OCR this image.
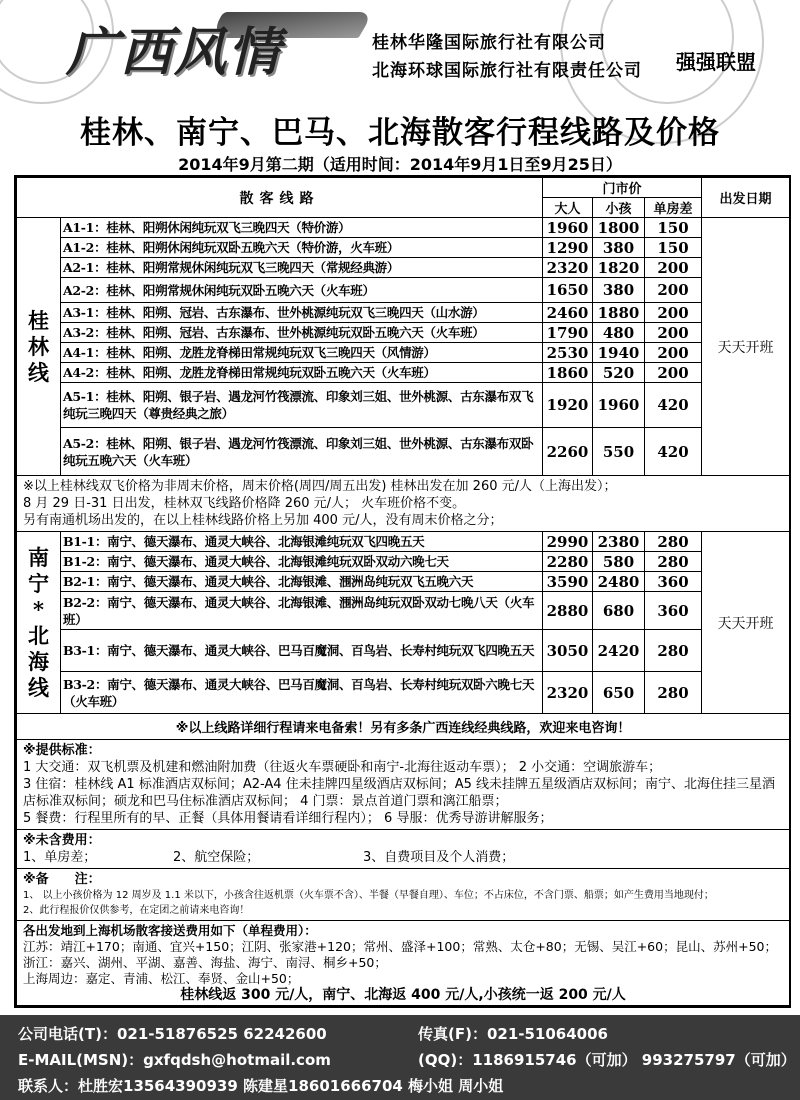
广西风情	桂林华隆国际旅行社有限公司
北海环球国际旅行社有限责任公司 强强联盟
桂林、南宁、巴马、北海散客行程线路及价格
2014年9月第二期（适用时间：2014年9月1日至9月25日）
散客线路		门市价			出发日期
		大人	小孩	单房差	

桂林线	A1-1：桂林、阳朔休闲纯玩双飞三晚四天（特价游）	1960	1800	150	天天开班
	A1-2：桂林、阳朔休闲纯玩双卧五晚六天（特价游，火车班）	1290	380	150	
	A2-1：桂林、阳朔常规休闲纯玩双飞三晚四天（常规经典游）	2320	1820	200	
	A2-2：桂林、阳朔常规休闲纯玩双卧五晚六天（火车班）	1650	380	200	
	A3-1：桂林、阳朔、冠岩、古东瀑布、世外桃源纯玩双飞三晚四天（山水游）	2460	1880	200	
	A3-2：桂林、阳朔、冠岩、古东瀑布、世外桃源纯玩双卧五晚六天（火车班）	1790	480	200	
	A4-1：桂林、阳朔、龙胜龙脊梯田常规纯玩双飞三晚四天（风情游）	2530	1940	200	
	A4-2：桂林、阳朔、龙胜龙脊梯田常规纯玩双卧五晚六天（火车班）	1860	520	200	
	A5-1：桂林、阳朔、银子岩、遇龙河竹筏漂流、印象刘三姐、世外桃源、古东瀑布双飞纯玩三晚四天（尊贵经典之旅）	1920	1960	420	
	A5-2：桂林、阳朔、银子岩、遇龙河竹筏漂流、印象刘三姐、世外桃源、古东瀑布双卧纯玩五晚六天（火车班）	2260	550	420	

※以上桂林线双飞价格为非周末价格，周末价格(周四/周五出发) 桂林出发在加 260 元/人（上海出发）；
8 月 29 日-31 日出发，桂林双飞线路价格降 260 元/人； 火车班价格不变。
另有南通机场出发的，在以上桂林线路价格上另加 400 元/人，没有周末价格之分；					

南宁*北海线	B1-1：南宁、德天瀑布、通灵大峡谷、北海银滩纯玩双飞四晚五天	2990	2380	280	天天开班
	B1-2：南宁、德天瀑布、通灵大峡谷、北海银滩纯玩双卧双动六晚七天	2280	580	280	
	B2-1：南宁、德天瀑布、通灵大峡谷、北海银滩、涠洲岛纯玩双飞五晚六天	3590	2480	360	
	B2-2：南宁、德天瀑布、通灵大峡谷、北海银滩、涠洲岛纯玩双卧双动七晚八天（火车班）	2880	680	360	
	B3-1：南宁、德天瀑布、通灵大峡谷、巴马百魔洞、百鸟岩、长寿村纯玩双飞四晚五天	3050	2420	280	
	B3-2：南宁、德天瀑布、通灵大峡谷、巴马百魔洞、百鸟岩、长寿村纯玩双卧六晚七天（火车班）	2320	650	280	
※以上线路详细行程请来电备索！另有多条广西连线经典线路，欢迎来电咨询！					

※提供标准：
1 大交通：双飞机票及机建和燃油附加费（往返火车票硬卧和南宁-北海往返动车票）； 2 小交通：空调旅游车；
3 住宿：桂林线 A1 标准酒店双标间；A2-A4 住未挂牌四星级酒店双标间；A5 线未挂牌五星级酒店双标间；南宁、北海住挂三星酒店标准双标间；硕龙和巴马住标准酒店双标间； 4 门票：景点首道门票和漓江船票；
5 餐费：行程里所有的早、正餐（具体用餐请看详细行程内）； 6 导服：优秀导游讲解服务；					

※未含费用：
1、单房差； 2、航空保险； 3、自费项目及个人消费；					

※备　　注：
1、 以上小孩价格为 12 周岁及 1.1 米以下，小孩含往返机票（火车票不含）、半餐（早餐自理）、车位；不占床位，不含门票、船票；如产生费用当地现付；
2、此行程报价仅供参考，在定团之前请来电咨询！					

各出发地到上海机场散客接送费用如下（单程费用）：
江苏：靖江+170；南通、宜兴+150；江阴、张家港+120；常州、盛泽+100；常熟、太仓+80；无锡、吴江+60；昆山、苏州+50；
浙江：嘉兴、湖州、平湖、嘉善、海盐、海宁、南浔、桐乡+50；
上海周边：嘉定、青浦、松江、奉贤、金山+50；
桂林线返 300 元/人，南宁、北海返 400 元/人,小孩统一返 200 元/人					
公司电话(T)：021-51876525 62242600	传真(F)：021-51064006
E-MAIL(MSN)：gxfqdsh@hotmail.com	(QQ)：1186915746（可加） 993275797（可加）
联系人：杜胜宏13564390939 陈建星18601666704 梅小姐 周小姐
